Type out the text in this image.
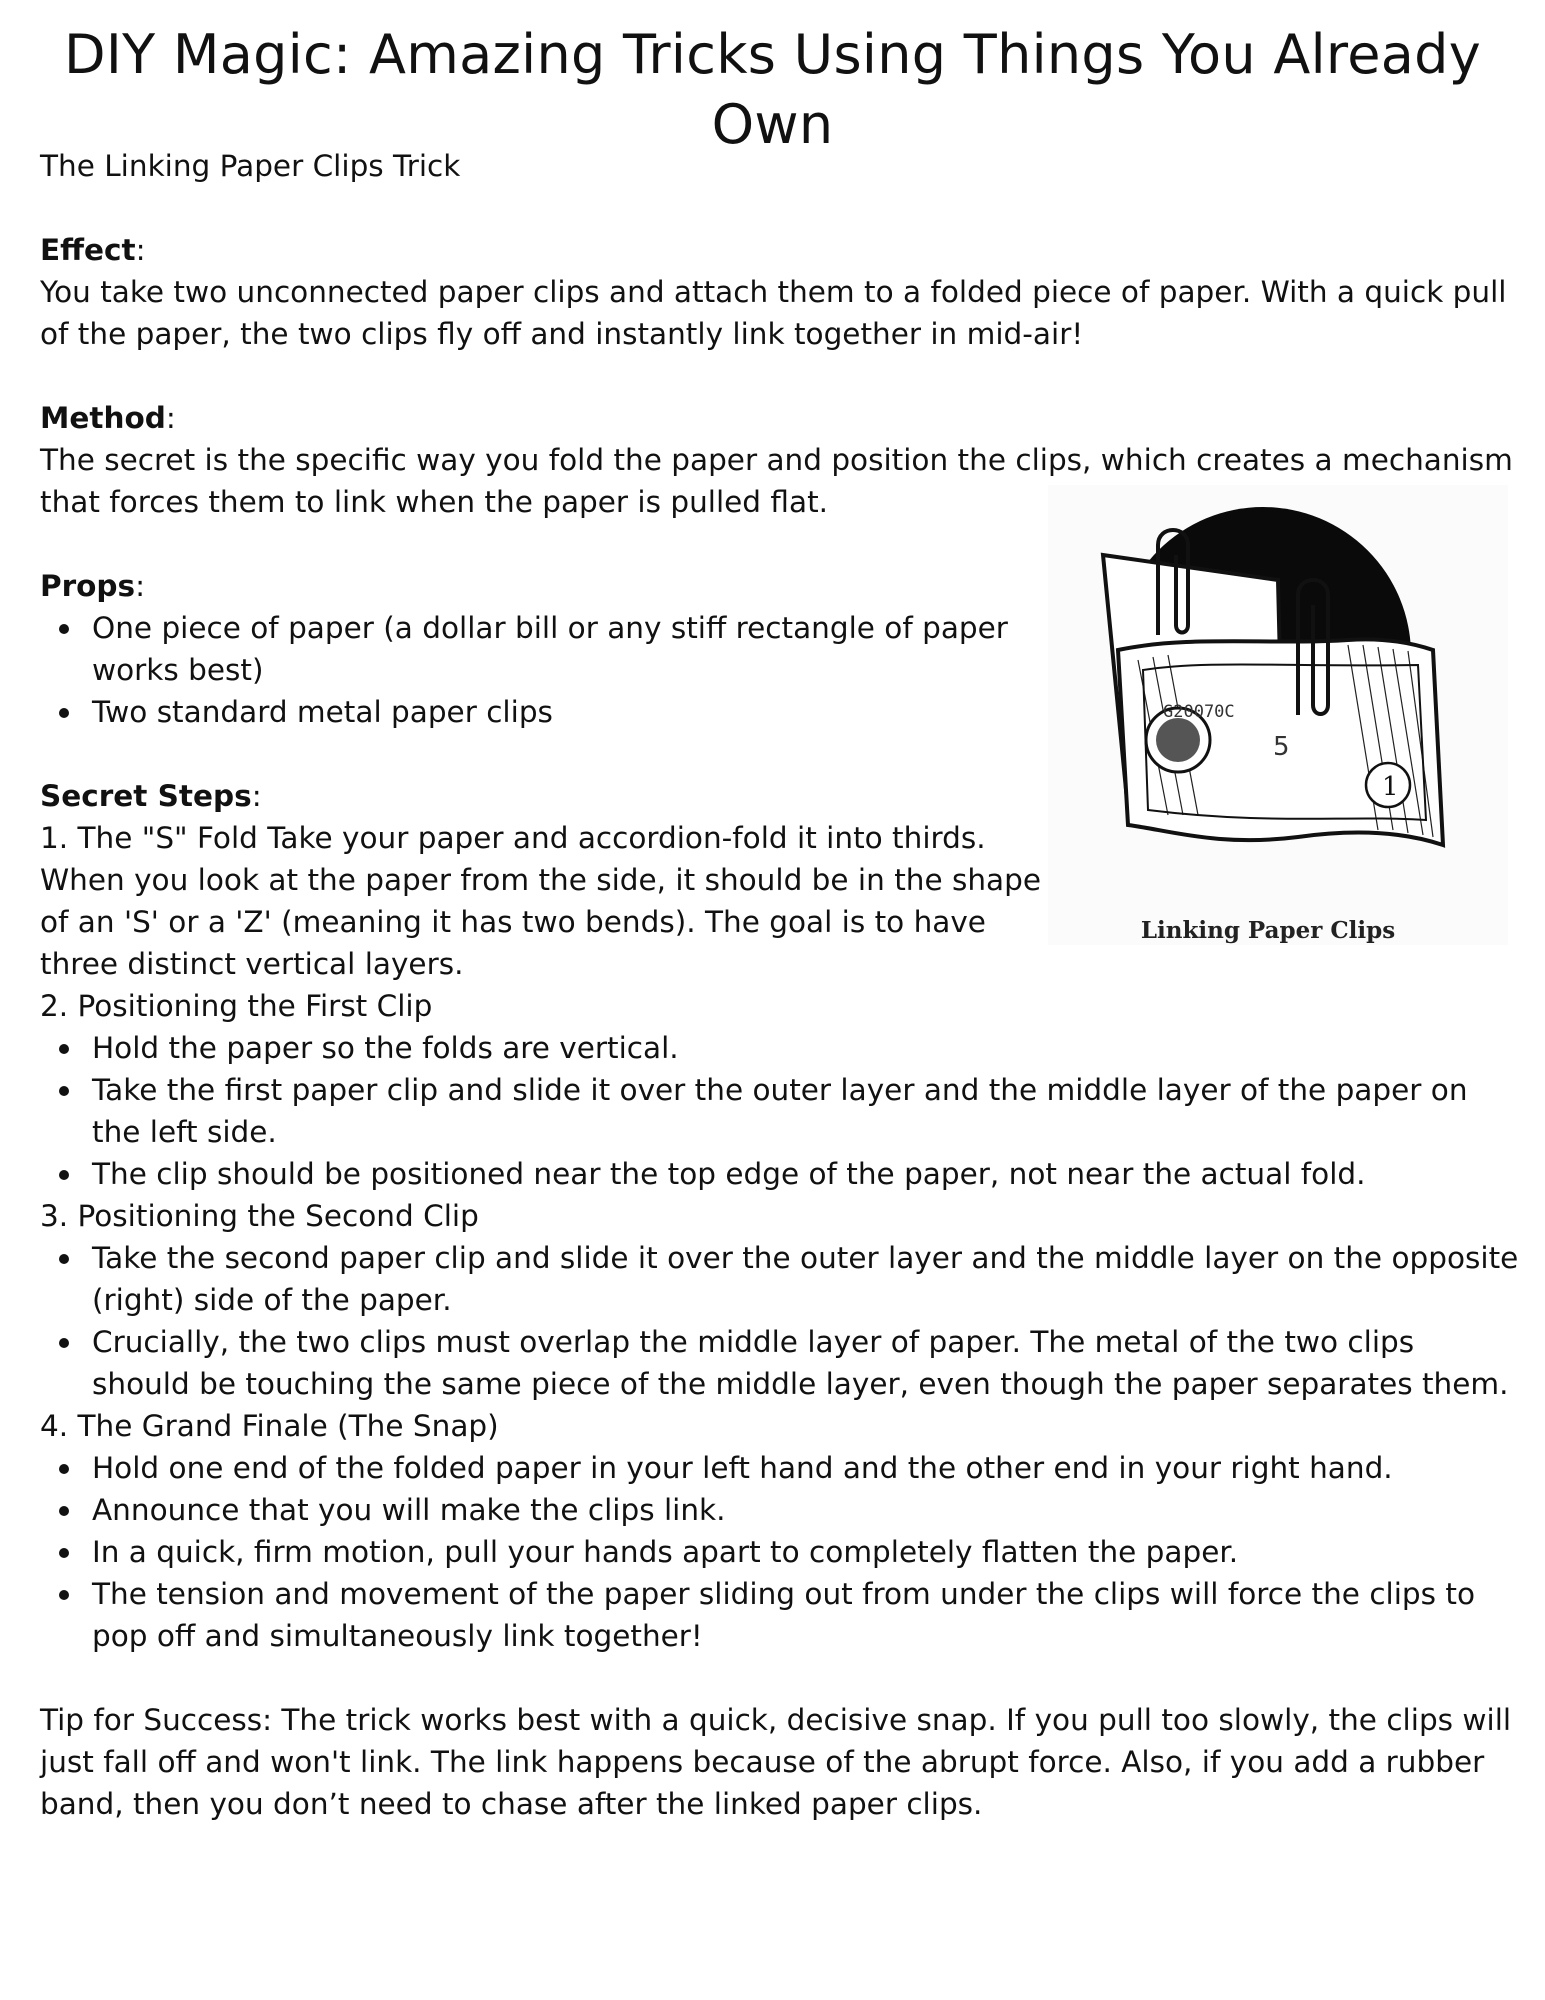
DIY Magic: Amazing Tricks Using Things You Already Own

The Linking Paper Clips Trick

Effect:

You take two unconnected paper clips and attach them to a folded piece of paper. With a quick pull of the paper, the two clips fly off and instantly link together in mid-air!

Method:

The secret is the specific way you fold the paper and position the clips, which creates a mechanism that forces them to link when the paper is pulled flat.

Props:

One piece of paper (a dollar bill or any stiff rectangle of paper works best)
Two standard metal paper clips

Secret Steps:

1. The "S" Fold Take your paper and accordion-fold it into thirds. When you look at the paper from the side, it should be in the shape of an 'S' or a 'Z' (meaning it has two bends). The goal is to have three distinct vertical layers.

2. Positioning the First Clip

Hold the paper so the folds are vertical.
Take the first paper clip and slide it over the outer layer and the middle layer of the paper on the left side.
The clip should be positioned near the top edge of the paper, not near the actual fold.

3. Positioning the Second Clip

Take the second paper clip and slide it over the outer layer and the middle layer on the opposite (right) side of the paper.
Crucially, the two clips must overlap the middle layer of paper. The metal of the two clips should be touching the same piece of the middle layer, even though the paper separates them.

4. The Grand Finale (The Snap)

Hold one end of the folded paper in your left hand and the other end in your right hand.
Announce that you will make the clips link.
In a quick, firm motion, pull your hands apart to completely flatten the paper.
The tension and movement of the paper sliding out from under the clips will force the clips to pop off and simultaneously link together!

Tip for Success: The trick works best with a quick, decisive snap. If you pull too slowly, the clips will just fall off and won't link. The link happens because of the abrupt force. Also, if you add a rubber band, then you don’t need to chase after the linked paper clips.

1
G20070C
5
Linking Paper Clips
